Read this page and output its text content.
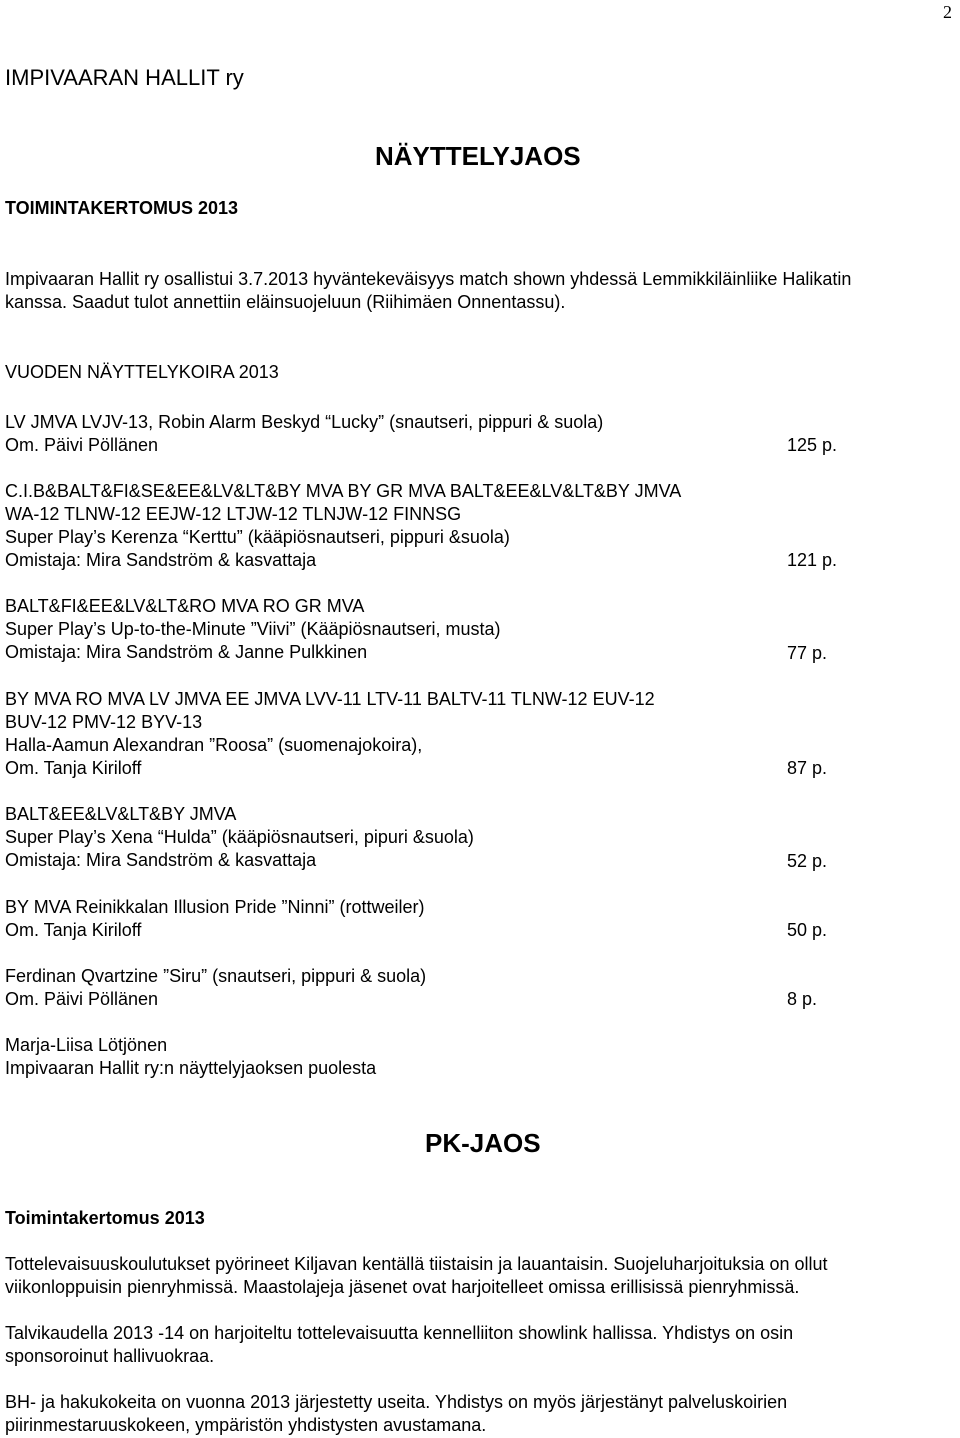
2
IMPIVAARAN HALLIT ry
NÄYTTELYJAOS
TOIMINTAKERTOMUS 2013
Impivaaran Hallit ry osallistui 3.7.2013 hyväntekeväisyys match shown yhdessä Lemmikkiläinliike Halikatin
kanssa. Saadut tulot annettiin eläinsuojeluun (Riihimäen Onnentassu).
VUODEN NÄYTTELYKOIRA 2013
LV JMVA LVJV-13, Robin Alarm Beskyd “Lucky” (snautseri, pippuri & suola)
Om. Päivi Pöllänen	125 p.
C.I.B&BALT&FI&SE&EE&LV&LT&BY MVA BY GR MVA BALT&EE&LV&LT&BY JMVA
WA-12 TLNW-12 EEJW-12 LTJW-12 TLNJW-12 FINNSG
Super Play’s Kerenza “Kerttu” (kääpiösnautseri, pippuri &suola)
Omistaja: Mira Sandström & kasvattaja	121 p.
BALT&FI&EE&LV&LT&RO MVA RO GR MVA
Super Play’s Up-to-the-Minute ”Viivi” (Kääpiösnautseri, musta)
Omistaja: Mira Sandström & Janne Pulkkinen	77 p.
BY MVA RO MVA LV JMVA EE JMVA LVV-11 LTV-11 BALTV-11 TLNW-12 EUV-12
BUV-12 PMV-12 BYV-13
Halla-Aamun Alexandran ”Roosa” (suomenajokoira),
Om. Tanja Kiriloff	87 p.
BALT&EE&LV&LT&BY JMVA
Super Play’s Xena “Hulda” (kääpiösnautseri, pipuri &suola)
Omistaja: Mira Sandström & kasvattaja	52 p.
BY MVA Reinikkalan Illusion Pride ”Ninni” (rottweiler)
Om. Tanja Kiriloff	50 p.
Ferdinan Qvartzine ”Siru” (snautseri, pippuri & suola)
Om. Päivi Pöllänen	8 p.
Marja-Liisa Lötjönen
Impivaaran Hallit ry:n näyttelyjaoksen puolesta
PK-JAOS
Toimintakertomus 2013
Tottelevaisuuskoulutukset pyörineet Kiljavan kentällä tiistaisin ja lauantaisin. Suojeluharjoituksia on ollut
viikonloppuisin pienryhmissä. Maastolajeja jäsenet ovat harjoitelleet omissa erillisissä pienryhmissä.
Talvikaudella 2013 -14 on harjoiteltu tottelevaisuutta kennelliiton showlink hallissa. Yhdistys on osin
sponsoroinut hallivuokraa.
BH- ja hakukokeita on vuonna 2013 järjestetty useita. Yhdistys on myös järjestänyt palveluskoirien
piirinmestaruuskokeen, ympäristön yhdistysten avustamana.
